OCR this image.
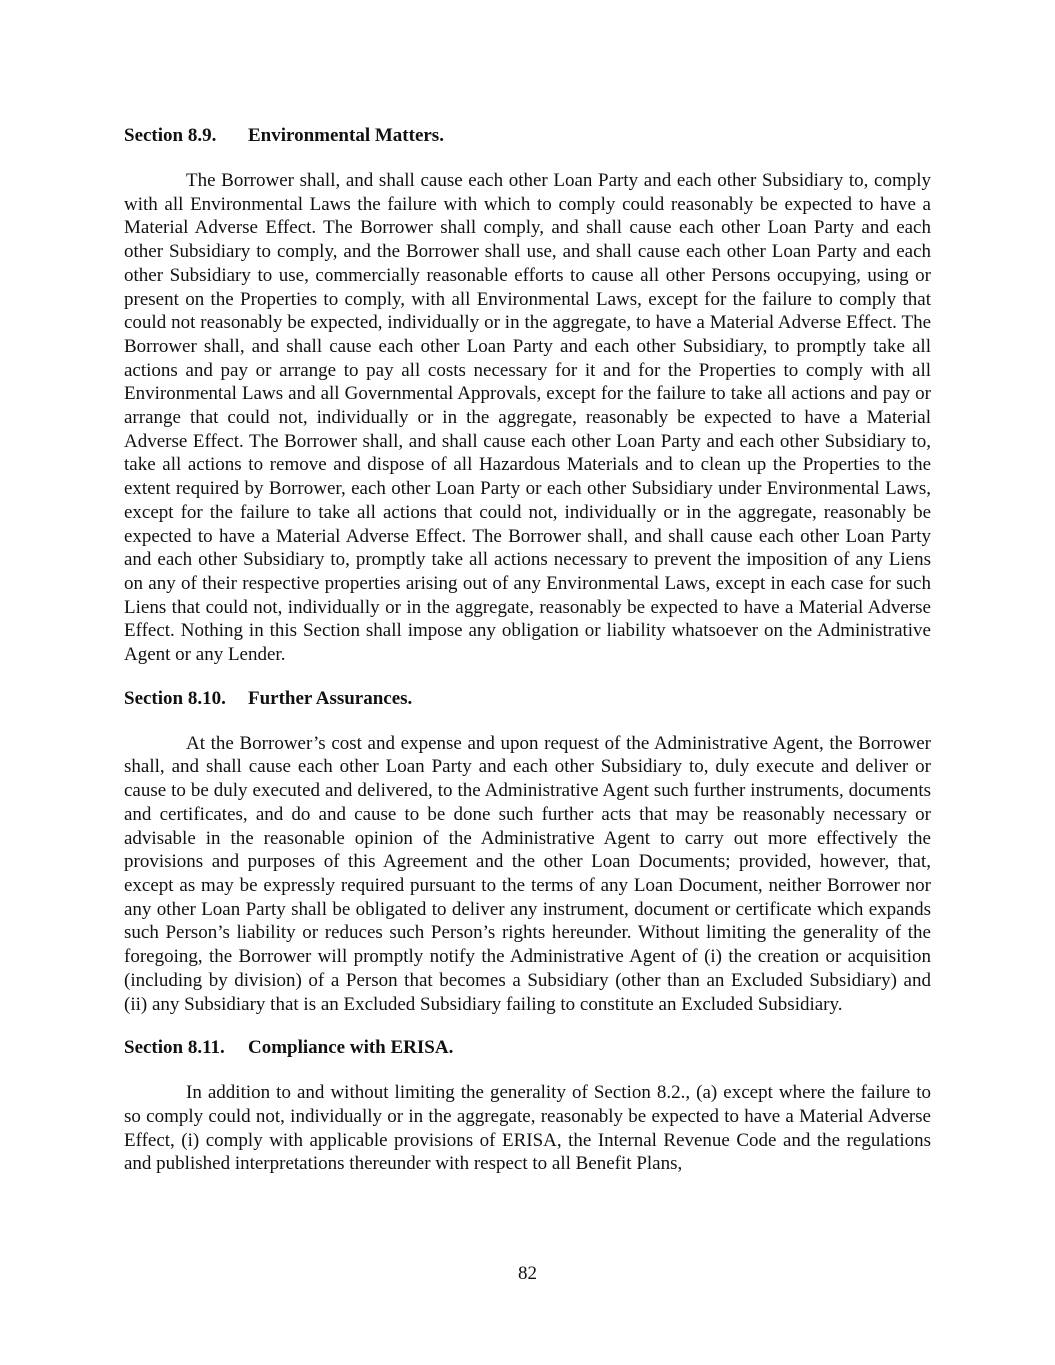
Section 8.9.	Environmental Matters.

The Borrower shall, and shall cause each other Loan Party and each other Subsidiary to, comply with all Environmental Laws the failure with which to comply could reasonably be expected to have a Material Adverse Effect. The Borrower shall comply, and shall cause each other Loan Party and each other Subsidiary to comply, and the Borrower shall use, and shall cause each other Loan Party and each other Subsidiary to use, commercially reasonable efforts to cause all other Persons occupying, using or present on the Properties to comply, with all Environmental Laws, except for the failure to comply that could not reasonably be expected, individually or in the aggregate, to have a Material Adverse Effect. The Borrower shall, and shall cause each other Loan Party and each other Subsidiary, to promptly take all actions and pay or arrange to pay all costs necessary for it and for the Properties to comply with all Environmental Laws and all Governmental Approvals, except for the failure to take all actions and pay or arrange that could not, individually or in the aggregate, reasonably be expected to have a Material Adverse Effect. The Borrower shall, and shall cause each other Loan Party and each other Subsidiary to, take all actions to remove and dispose of all Hazardous Materials and to clean up the Properties to the extent required by Borrower, each other Loan Party or each other Subsidiary under Environmental Laws, except for the failure to take all actions that could not, individually or in the aggregate, reasonably be expected to have a Material Adverse Effect. The Borrower shall, and shall cause each other Loan Party and each other Subsidiary to, promptly take all actions necessary to prevent the imposition of any Liens on any of their respective properties arising out of any Environmental Laws, except in each case for such Liens that could not, individually or in the aggregate, reasonably be expected to have a Material Adverse Effect. Nothing in this Section shall impose any obligation or liability whatsoever on the Administrative Agent or any Lender.

Section 8.10.	Further Assurances.

At the Borrower’s cost and expense and upon request of the Administrative Agent, the Borrower shall, and shall cause each other Loan Party and each other Subsidiary to, duly execute and deliver or cause to be duly executed and delivered, to the Administrative Agent such further instruments, documents and certificates, and do and cause to be done such further acts that may be reasonably necessary or advisable in the reasonable opinion of the Administrative Agent to carry out more effectively the provisions and purposes of this Agreement and the other Loan Documents; provided, however, that, except as may be expressly required pursuant to the terms of any Loan Document, neither Borrower nor any other Loan Party shall be obligated to deliver any instrument, document or certificate which expands such Person’s liability or reduces such Person’s rights hereunder. Without limiting the generality of the foregoing, the Borrower will promptly notify the Administrative Agent of (i) the creation or acquisition (including by division) of a Person that becomes a Subsidiary (other than an Excluded Subsidiary) and (ii) any Subsidiary that is an Excluded Subsidiary failing to constitute an Excluded Subsidiary.

Section 8.11.	Compliance with ERISA.

In addition to and without limiting the generality of Section 8.2., (a) except where the failure to so comply could not, individually or in the aggregate, reasonably be expected to have a Material Adverse Effect, (i) comply with applicable provisions of ERISA, the Internal Revenue Code and the regulations and published interpretations thereunder with respect to all Benefit Plans,

82
